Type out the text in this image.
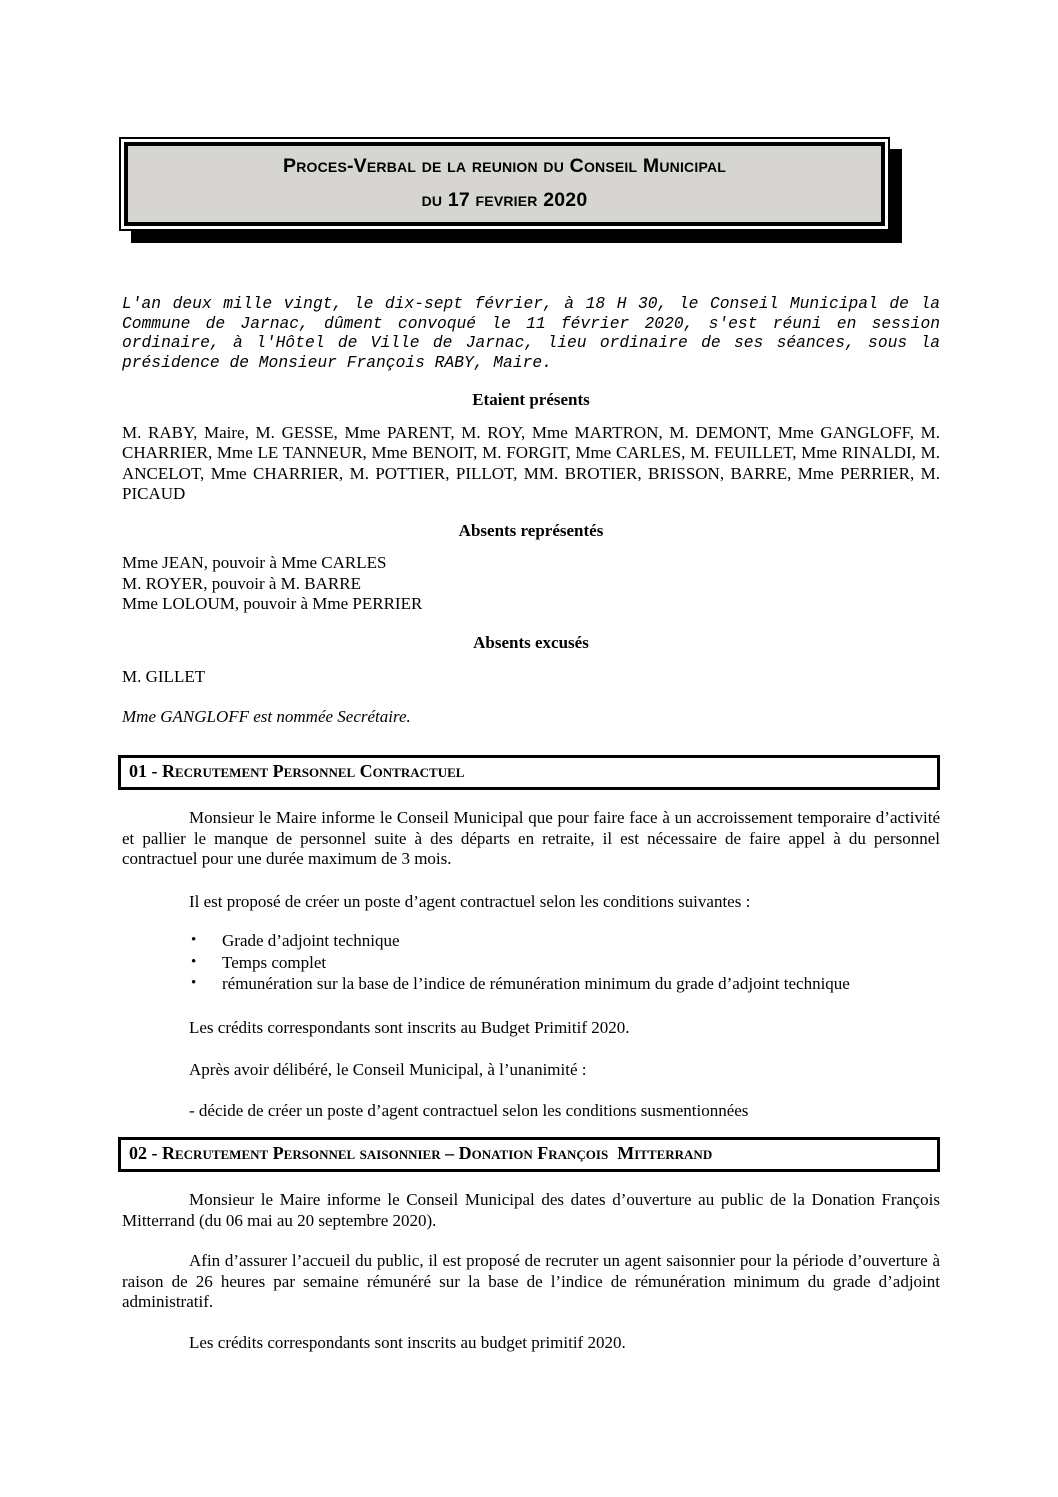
Proces-Verbal de la reunion du Conseil Municipal
du 17 fevrier 2020

L'an deux mille vingt, le dix-sept février, à 18 H 30, le Conseil Municipal de la Commune de Jarnac, dûment convoqué le 11 février 2020, s'est réuni en session ordinaire, à l'Hôtel de Ville de Jarnac, lieu ordinaire de ses séances, sous la présidence de Monsieur François RABY, Maire.

Etaient présents

M. RABY, Maire, M. GESSE, Mme PARENT, M. ROY, Mme MARTRON, M. DEMONT, Mme GANGLOFF, M. CHARRIER, Mme LE TANNEUR, Mme BENOIT, M. FORGIT, Mme CARLES, M. FEUILLET, Mme RINALDI, M. ANCELOT, Mme CHARRIER, M. POTTIER, PILLOT, MM. BROTIER, BRISSON, BARRE, Mme PERRIER, M. PICAUD

Absents représentés
Mme JEAN, pouvoir à Mme CARLES
M. ROYER, pouvoir à M. BARRE
Mme LOLOUM, pouvoir à Mme PERRIER
Absents excusés

M. GILLET

Mme GANGLOFF est nommée Secrétaire.

01 - Recrutement Personnel Contractuel

Monsieur le Maire informe le Conseil Municipal que pour faire face à un accroissement temporaire d’activité et pallier le manque de personnel suite à des départs en retraite, il est nécessaire de faire appel à du personnel contractuel pour une durée maximum de 3 mois.

Il est proposé de créer un poste d’agent contractuel selon les conditions suivantes :

• Grade d’adjoint technique
• Temps complet
• rémunération sur la base de l’indice de rémunération minimum du grade d’adjoint technique

Les crédits correspondants sont inscrits au Budget Primitif 2020.

Après avoir délibéré, le Conseil Municipal, à l’unanimité :

- décide de créer un poste d’agent contractuel selon les conditions susmentionnées

02 - Recrutement Personnel saisonnier – Donation François  Mitterrand

Monsieur le Maire informe le Conseil Municipal des dates d’ouverture au public de la Donation François Mitterrand (du 06 mai au 20 septembre 2020).

Afin d’assurer l’accueil du public, il est proposé de recruter un agent saisonnier pour la période d’ouverture à raison de 26 heures par semaine rémunéré sur la base de l’indice de rémunération minimum du grade d’adjoint administratif.

Les crédits correspondants sont inscrits au budget primitif 2020.
